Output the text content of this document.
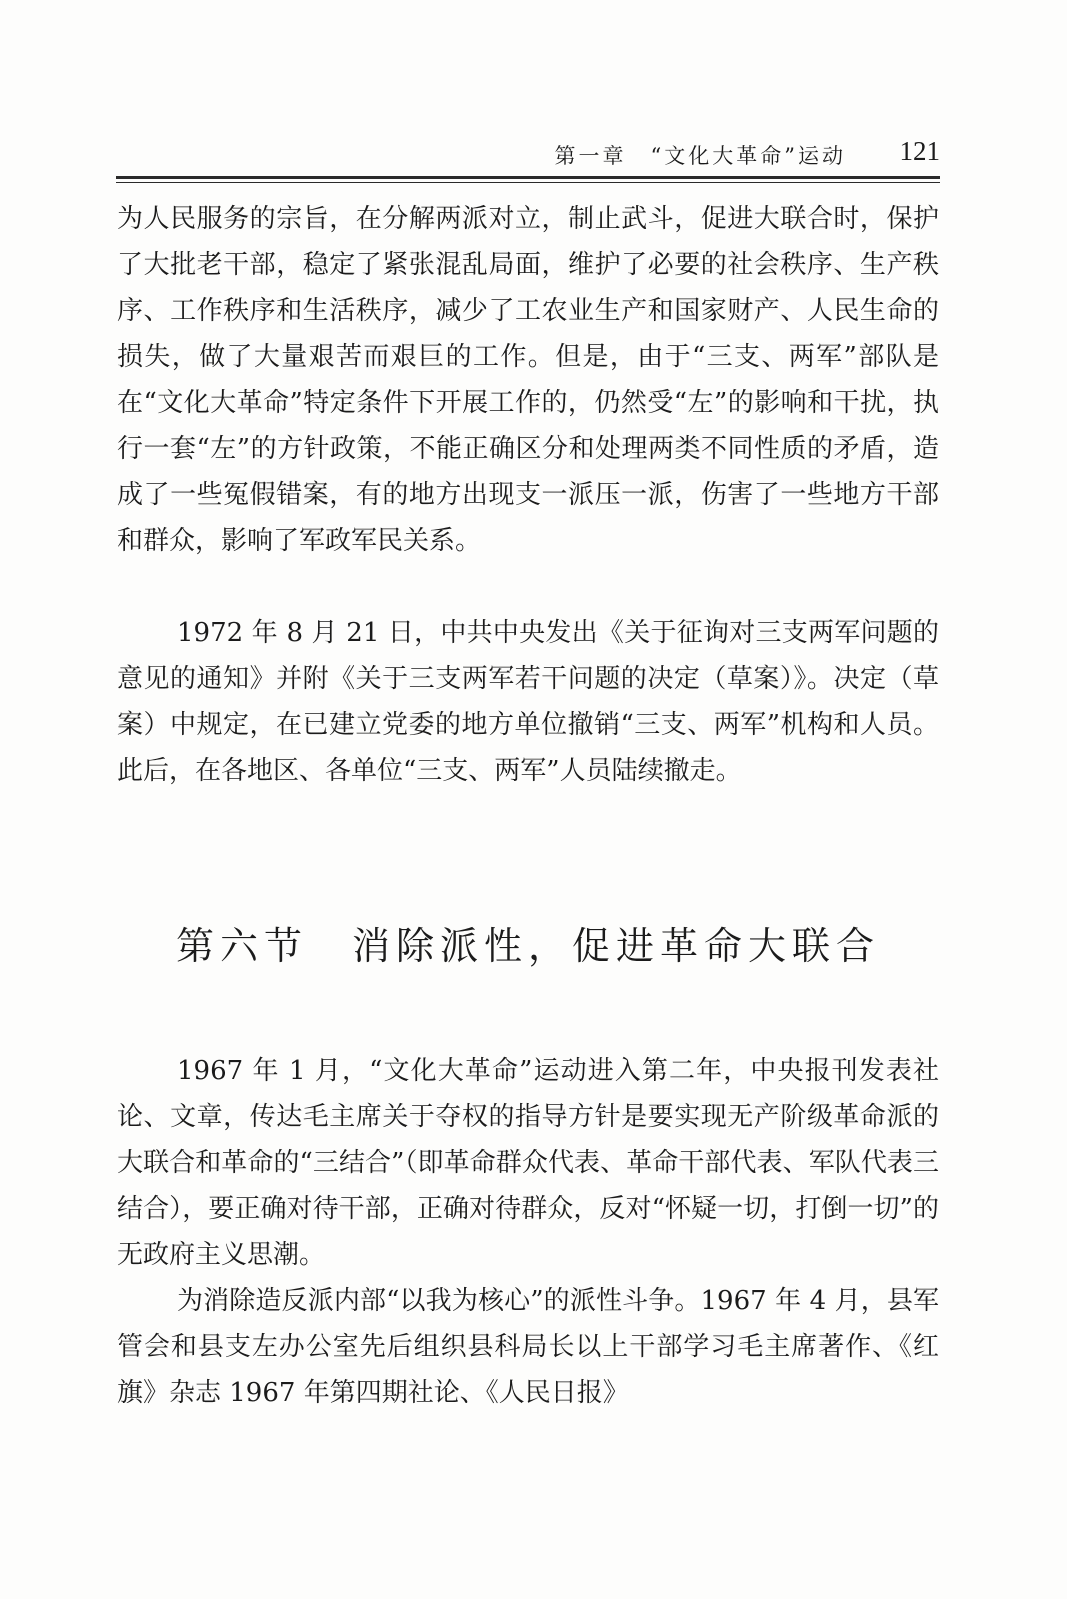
第一章　“文化大革命”运动 121

为人民服务的宗旨，在分解两派对立，制止武斗，促进大联合时，保护了大批老干部，稳定了紧张混乱局面，维护了必要的社会秩序、生产秩序、工作秩序和生活秩序，减少了工农业生产和国家财产、人民生命的损失，做了大量艰苦而艰巨的工作。但是，由于“三支、两军”部队是在“文化大革命”特定条件下开展工作的，仍然受“左”的影响和干扰，执行一套“左”的方针政策，不能正确区分和处理两类不同性质的矛盾，造成了一些冤假错案，有的地方出现支一派压一派，伤害了一些地方干部和群众，影响了军政军民关系。

1972 年 8 月 21 日，中共中央发出《关于征询对三支两军问题的意见的通知》并附《关于三支两军若干问题的决定（草案）》。决定（草案）中规定，在已建立党委的地方单位撤销“三支、两军”机构和人员。此后，在各地区、各单位“三支、两军”人员陆续撤走。

第六节　消除派性，促进革命大联合

1967 年 1 月，“文化大革命”运动进入第二年，中央报刊发表社论、文章，传达毛主席关于夺权的指导方针是要实现无产阶级革命派的大联合和革命的“三结合”（即革命群众代表、革命干部代表、军队代表三结合），要正确对待干部，正确对待群众，反对“怀疑一切，打倒一切”的无政府主义思潮。

为消除造反派内部“以我为核心”的派性斗争。1967 年 4 月，县军管会和县支左办公室先后组织县科局长以上干部学习毛主席著作、《红旗》杂志 1967 年第四期社论、《人民日报》
